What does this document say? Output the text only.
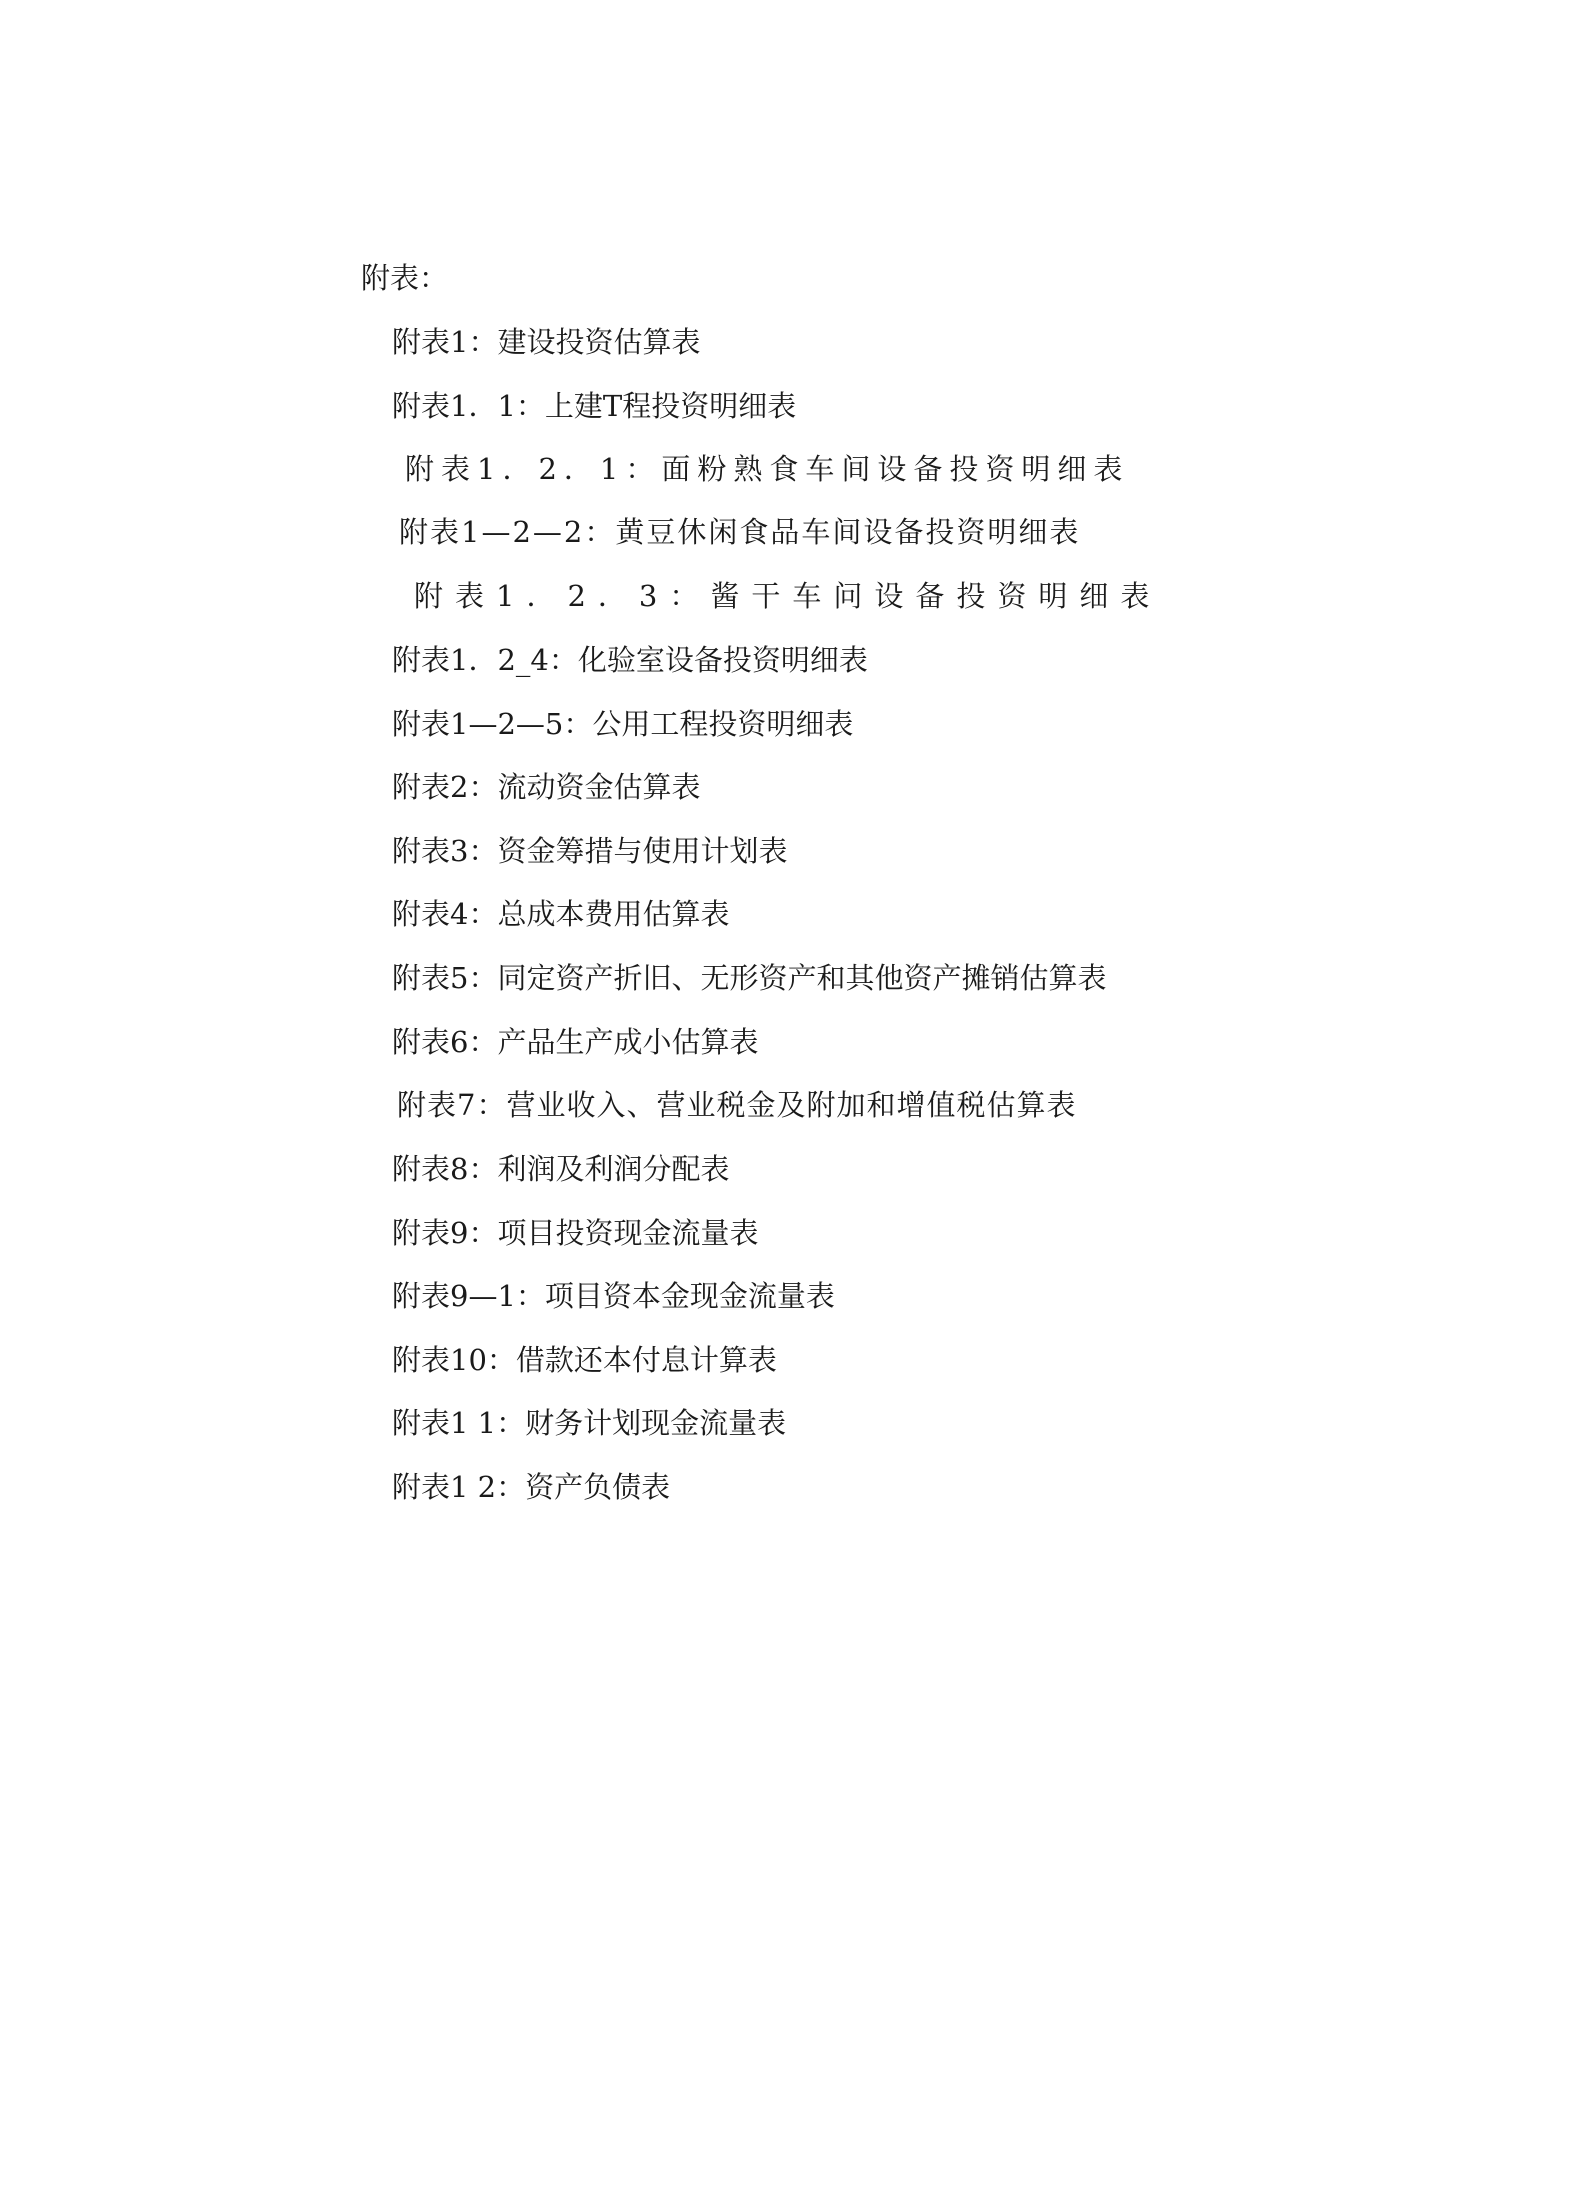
附表：
附表1：建设投资估算表
附表1．1：上建T程投资明细表
附表1．2．1：面粉熟食车间设备投资明细表
附表1—2—2：黄豆休闲食品车间设备投资明细表
附表1．2．3：酱干车问设备投资明细表
附表1．2_4：化验室设备投资明细表
附表1—2—5：公用工程投资明细表
附表2：流动资金估算表
附表3：资金筹措与使用计划表
附表4：总成本费用估算表
附表5：同定资产折旧、无形资产和其他资产摊销估算表
附表6：产品生产成小估算表
附表7：营业收入、营业税金及附加和增值税估算表
附表8：利润及利润分配表
附表9：项目投资现金流量表
附表9—1：项目资本金现金流量表
附表10：借款还本付息计算表
附表1 1：财务计划现金流量表
附表1 2：资产负债表
